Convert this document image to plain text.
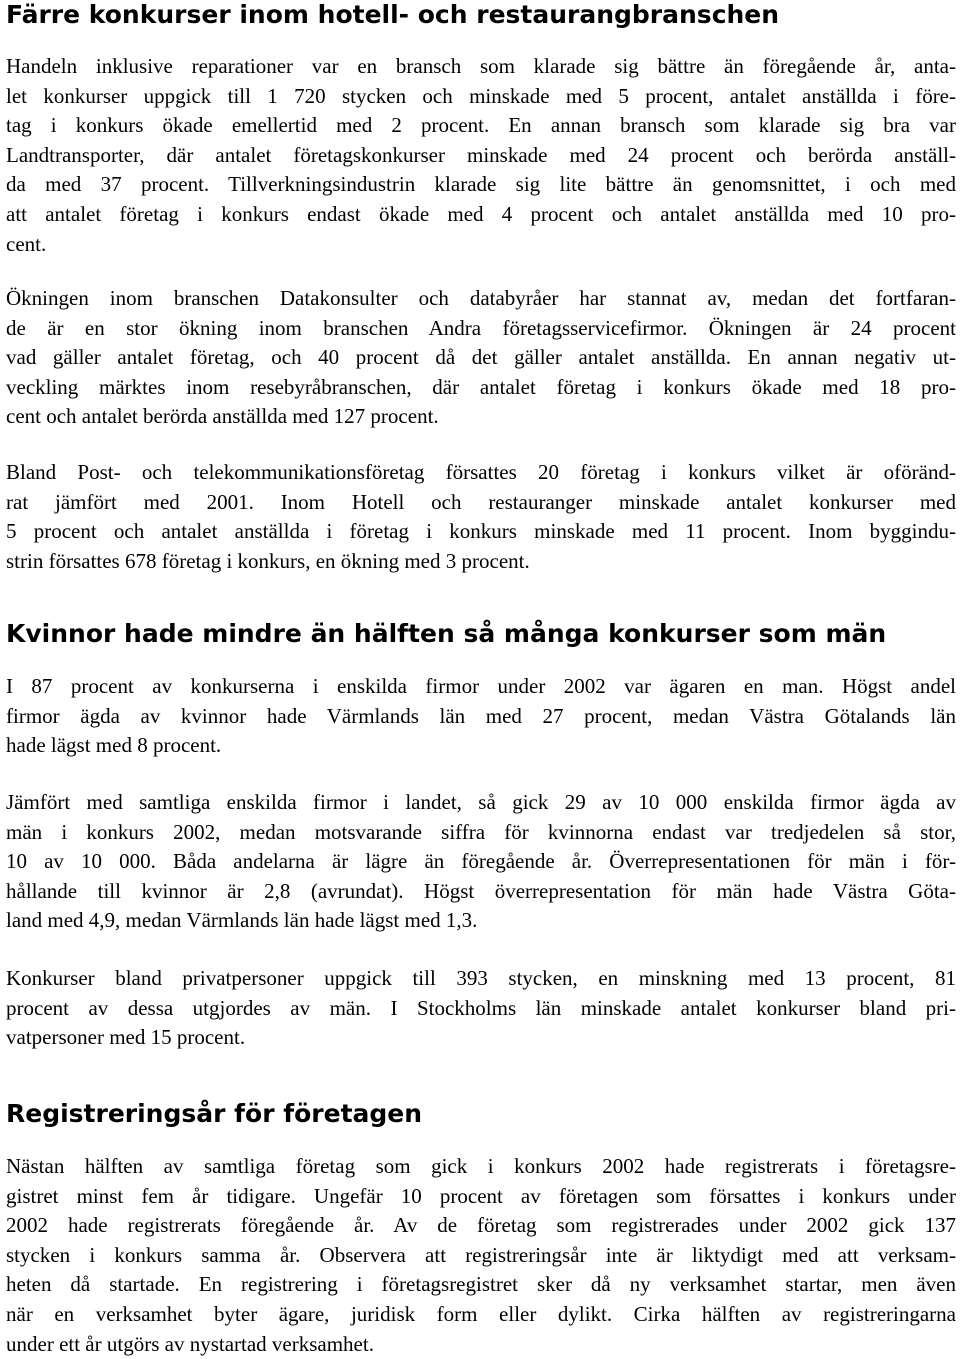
Färre konkurser inom hotell- och restaurangbranschen
Handeln inklusive reparationer var en bransch som klarade sig bättre än föregående år, anta-
let konkurser uppgick till 1 720 stycken och minskade med 5 procent, antalet anställda i före-
tag i konkurs ökade emellertid med 2 procent. En annan bransch som klarade sig bra var
Landtransporter, där antalet företagskonkurser minskade med 24 procent och berörda anställ-
da med 37 procent. Tillverkningsindustrin klarade sig lite bättre än genomsnittet, i och med
att antalet företag i konkurs endast ökade med 4 procent och antalet anställda med 10 pro-
cent.
Ökningen inom branschen Datakonsulter och databyråer har stannat av, medan det fortfaran-
de är en stor ökning inom branschen Andra företagsservicefirmor. Ökningen är 24 procent
vad gäller antalet företag, och 40 procent då det gäller antalet anställda. En annan negativ ut-
veckling märktes inom resebyråbranschen, där antalet företag i konkurs ökade med 18 pro-
cent och antalet berörda anställda med 127 procent.
Bland Post- och telekommunikationsföretag försattes 20 företag i konkurs vilket är oföränd-
rat jämfört med 2001. Inom Hotell och restauranger minskade antalet konkurser med
5 procent och antalet anställda i företag i konkurs minskade med 11 procent. Inom byggindu-
strin försattes 678 företag i konkurs, en ökning med 3 procent.
Kvinnor hade mindre än hälften så många konkurser som män
I 87 procent av konkurserna i enskilda firmor under 2002 var ägaren en man. Högst andel
firmor ägda av kvinnor hade Värmlands län med 27 procent, medan Västra Götalands län
hade lägst med 8 procent.
Jämfört med samtliga enskilda firmor i landet, så gick 29 av 10 000 enskilda firmor ägda av
män i konkurs 2002, medan motsvarande siffra för kvinnorna endast var tredjedelen så stor,
10 av 10 000. Båda andelarna är lägre än föregående år. Överrepresentationen för män i för-
hållande till kvinnor är 2,8 (avrundat). Högst överrepresentation för män hade Västra Göta-
land med 4,9, medan Värmlands län hade lägst med 1,3.
Konkurser bland privatpersoner uppgick till 393 stycken, en minskning med 13 procent, 81
procent av dessa utgjordes av män. I Stockholms län minskade antalet konkurser bland pri-
vatpersoner med 15 procent.
Registreringsår för företagen
Nästan hälften av samtliga företag som gick i konkurs 2002 hade registrerats i företagsre-
gistret minst fem år tidigare. Ungefär 10 procent av företagen som försattes i konkurs under
2002 hade registrerats föregående år. Av de företag som registrerades under 2002 gick 137
stycken i konkurs samma år. Observera att registreringsår inte är liktydigt med att verksam-
heten då startade. En registrering i företagsregistret sker då ny verksamhet startar, men även
när en verksamhet byter ägare, juridisk form eller dylikt. Cirka hälften av registreringarna
under ett år utgörs av nystartad verksamhet.
